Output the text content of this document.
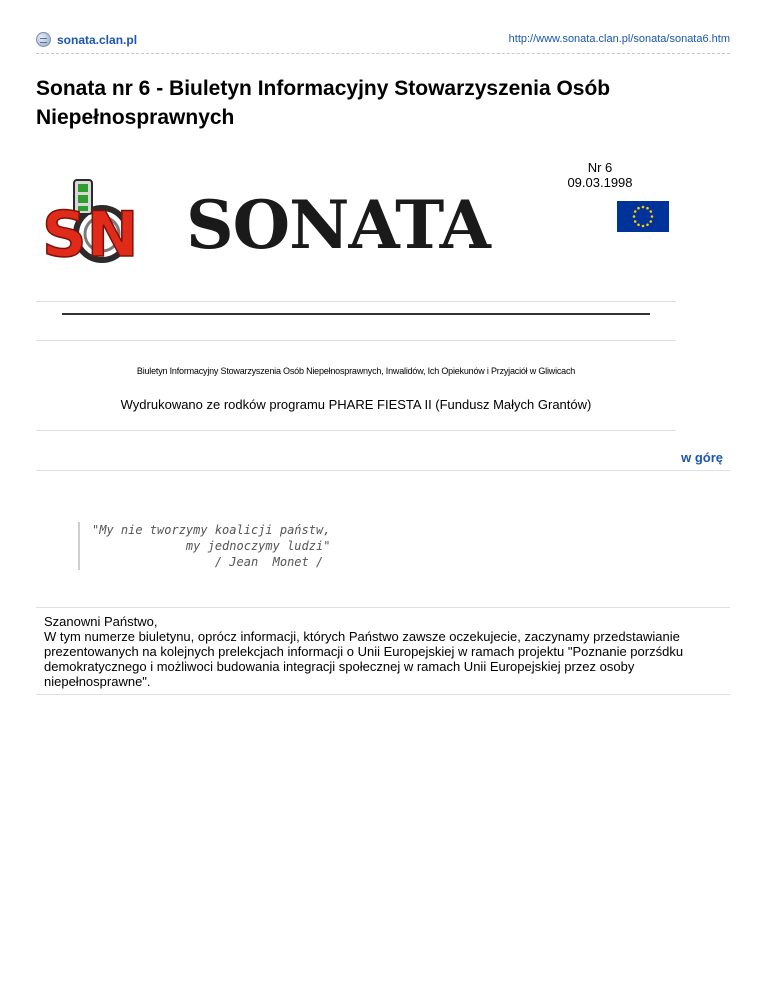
sonata.clan.pl	http://www.sonata.clan.pl/sonata/sonata6.htm
Sonata nr 6 - Biuletyn Informacyjny Stowarzyszenia Osób Niepełnosprawnych
Nr 6
09.03.1998
SN SONATA
Biuletyn Informacyjny Stowarzyszenia Osób Niepełnosprawnych, Inwalidów, Ich Opiekunów i Przyjaciół w Gliwicach
Wydrukowano ze rodków programu PHARE FIESTA II (Fundusz Małych Grantów)
w górę
"My nie tworzymy koalicji państw,
my jednoczymy ludzi"
/ Jean  Monet /

Szanowni Państwo,

W tym numerze biuletynu, oprócz informacji, których Państwo zawsze oczekujecie, zaczynamy przedstawianie prezentowanych na kolejnych prelekcjach informacji o Unii Europejskiej w ramach projektu "Poznanie porzśdku demokratycznego i możliwoci budowania integracji społecznej w ramach Unii Europejskiej przez osoby niepełnosprawne".
